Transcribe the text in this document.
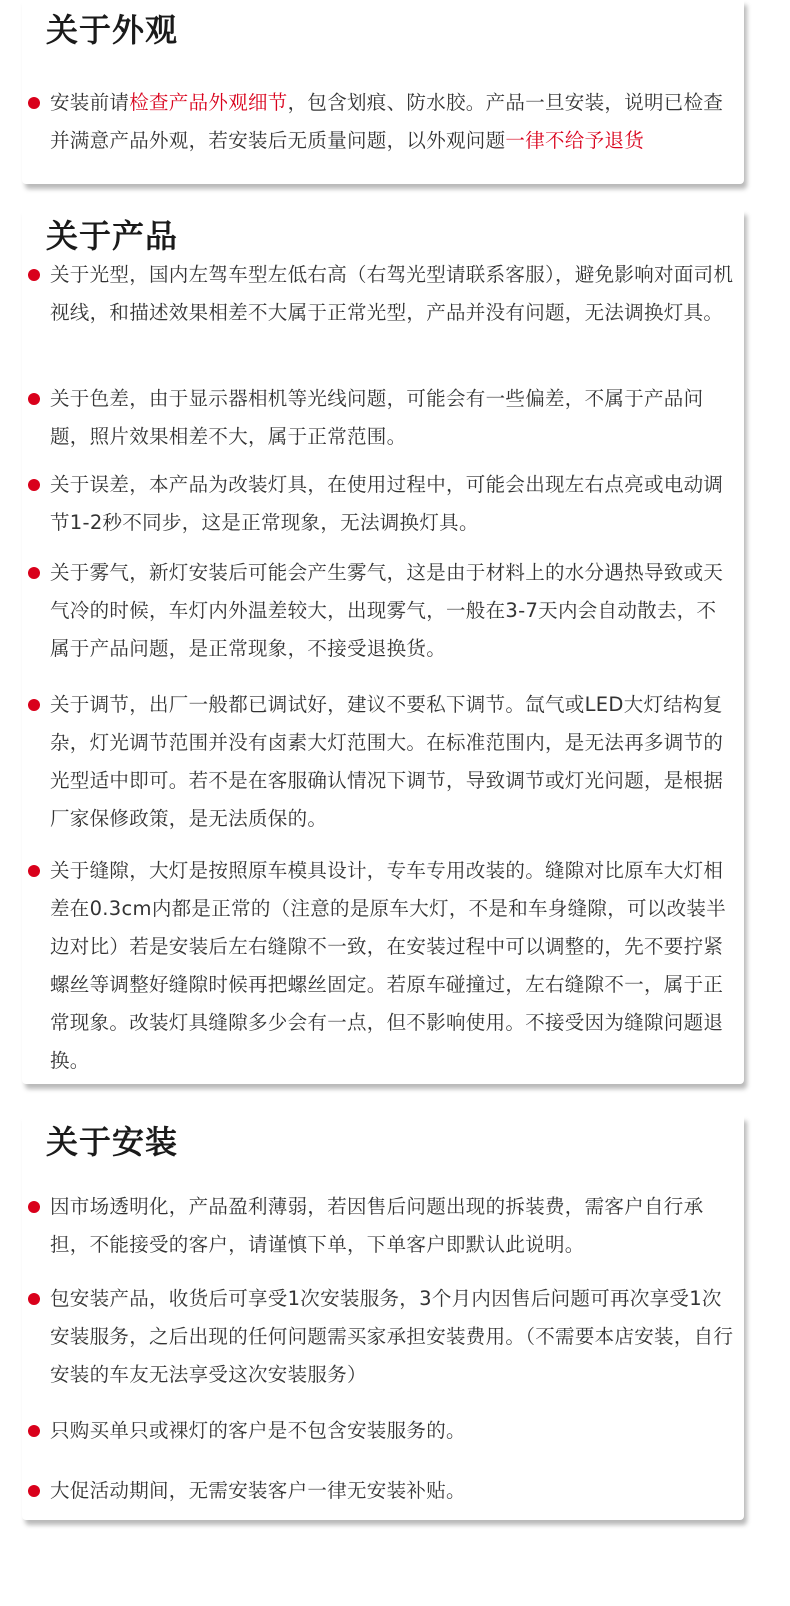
关于外观
安装前请检查产品外观细节，包含划痕、防水胶。产品一旦安装，说明已检查并满意产品外观，若安装后无质量问题，以外观问题一律不给予退货
关于产品
关于光型，国内左驾车型左低右高（右驾光型请联系客服），避免影响对面司机视线，和描述效果相差不大属于正常光型，产品并没有问题，无法调换灯具。
关于色差，由于显示器相机等光线问题，可能会有一些偏差，不属于产品问题，照片效果相差不大，属于正常范围。
关于误差，本产品为改装灯具，在使用过程中，可能会出现左右点亮或电动调节1-2秒不同步，这是正常现象，无法调换灯具。
关于雾气，新灯安装后可能会产生雾气，这是由于材料上的水分遇热导致或天气冷的时候，车灯内外温差较大，出现雾气，一般在3-7天内会自动散去，不属于产品问题，是正常现象，不接受退换货。
关于调节，出厂一般都已调试好，建议不要私下调节。氙气或LED大灯结构复杂，灯光调节范围并没有卤素大灯范围大。在标准范围内，是无法再多调节的光型适中即可。若不是在客服确认情况下调节，导致调节或灯光问题，是根据厂家保修政策，是无法质保的。
关于缝隙，大灯是按照原车模具设计，专车专用改装的。缝隙对比原车大灯相差在0.3cm内都是正常的（注意的是原车大灯，不是和车身缝隙，可以改装半边对比）若是安装后左右缝隙不一致，在安装过程中可以调整的，先不要拧紧螺丝等调整好缝隙时候再把螺丝固定。若原车碰撞过，左右缝隙不一，属于正常现象。改装灯具缝隙多少会有一点，但不影响使用。不接受因为缝隙问题退换。
关于安装
因市场透明化，产品盈利薄弱，若因售后问题出现的拆装费，需客户自行承担，不能接受的客户，请谨慎下单，下单客户即默认此说明。
包安装产品，收货后可享受1次安装服务，3个月内因售后问题可再次享受1次安装服务，之后出现的任何问题需买家承担安装费用。（不需要本店安装，自行安装的车友无法享受这次安装服务）
只购买单只或裸灯的客户是不包含安装服务的。
大促活动期间，无需安装客户一律无安装补贴。
